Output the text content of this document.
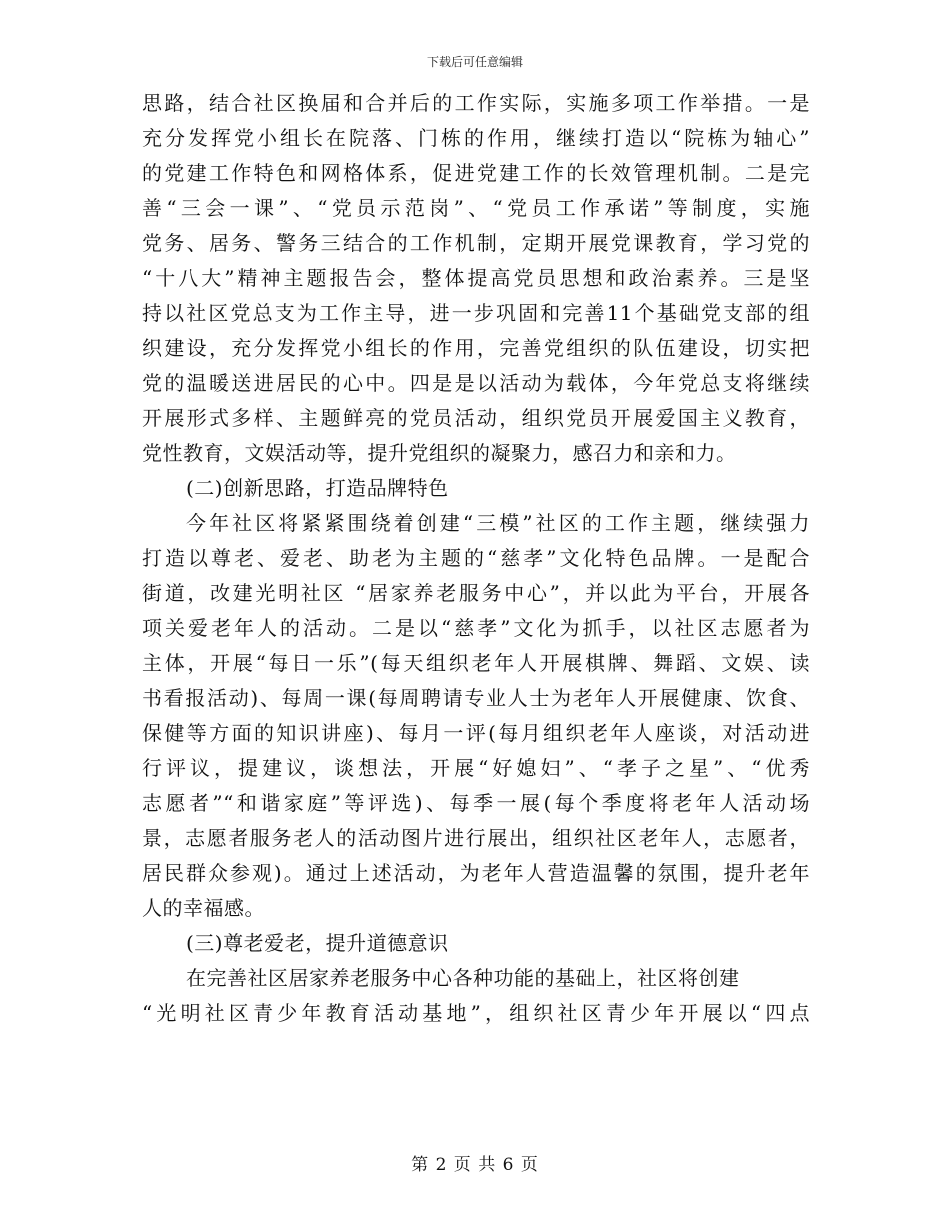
下载后可任意编辑
思路，结合社区换届和合并后的工作实际，实施多项工作举措。一是
充分发挥党小组长在院落、门栋的作用，继续打造以“院栋为轴心”
的党建工作特色和网格体系，促进党建工作的长效管理机制。二是完
善“三会一课”、“党员示范岗”、“党员工作承诺”等制度，实施
党务、居务、警务三结合的工作机制，定期开展党课教育，学习党的
“十八大”精神主题报告会，整体提高党员思想和政治素养。三是坚
持以社区党总支为工作主导，进一步巩固和完善11个基础党支部的组
织建设，充分发挥党小组长的作用，完善党组织的队伍建设，切实把
党的温暖送进居民的心中。四是是以活动为载体，今年党总支将继续
开展形式多样、主题鲜亮的党员活动，组织党员开展爱国主义教育，
党性教育，文娱活动等，提升党组织的凝聚力，感召力和亲和力。
(二)创新思路，打造品牌特色
今年社区将紧紧围绕着创建“三模”社区的工作主题，继续强力
打造以尊老、爱老、助老为主题的“慈孝”文化特色品牌。一是配合
街道，改建光明社区 “居家养老服务中心”，并以此为平台，开展各
项关爱老年人的活动。二是以“慈孝”文化为抓手，以社区志愿者为
主体，开展“每日一乐”(每天组织老年人开展棋牌、舞蹈、文娱、读
书看报活动)、每周一课(每周聘请专业人士为老年人开展健康、饮食、
保健等方面的知识讲座)、每月一评(每月组织老年人座谈，对活动进
行评议，提建议，谈想法，开展“好媳妇”、“孝子之星”、“优秀
志愿者”“和谐家庭”等评选)、每季一展(每个季度将老年人活动场
景，志愿者服务老人的活动图片进行展出，组织社区老年人，志愿者，
居民群众参观)。通过上述活动，为老年人营造温馨的氛围，提升老年
人的幸福感。
(三)尊老爱老，提升道德意识
在完善社区居家养老服务中心各种功能的基础上，社区将创建
“光明社区青少年教育活动基地”，组织社区青少年开展以“四点
第 2 页 共 6 页
